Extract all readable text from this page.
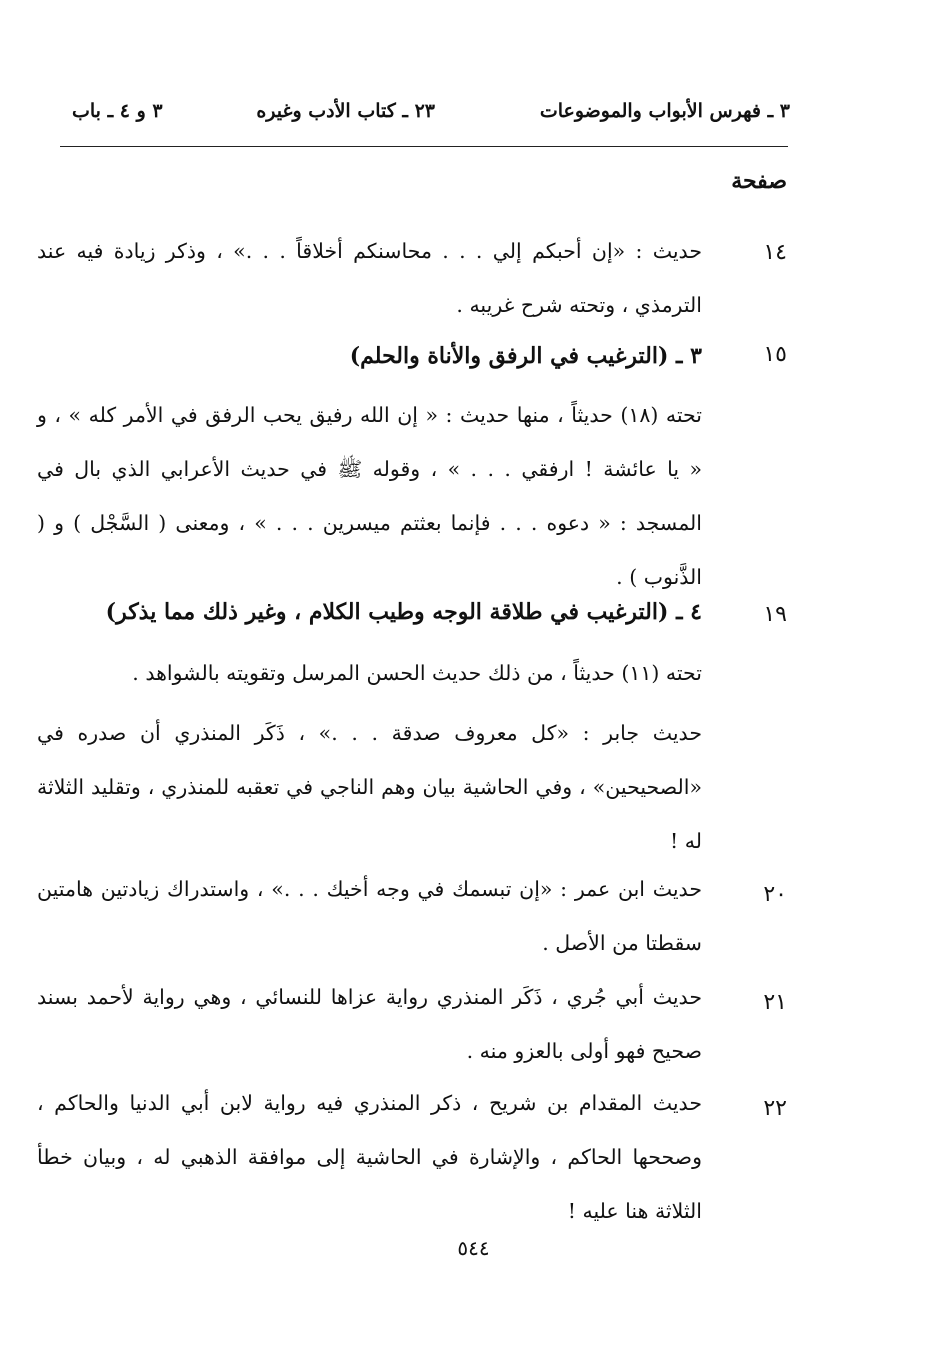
٣ ـ فهرس الأبواب والموضوعات
٢٣ ـ كتاب الأدب وغيره
٣ و ٤ ـ باب
صفحة
١٤
حديث : «إن أحبكم إلي . . . محاسنكم أخلاقاً . . .» ، وذكر زيادة فيه عند الترمذي ، وتحته شرح غريبه .
١٥
٣ ـ (الترغيب في الرفق والأناة والحلم)
تحته (١٨) حديثاً ، منها حديث : « إن الله رفيق يحب الرفق في الأمر كله » ، و « يا عائشة ! ارفقي . . . » ، وقوله ﷺ في حديث الأعرابي الذي بال في المسجد : « دعوه . . . فإنما بعثتم ميسرين . . . » ، ومعنى ( السَّجْل ) و ( الذَّنوب ) .
١٩
٤ ـ (الترغيب في طلاقة الوجه وطيب الكلام ، وغير ذلك مما يذكر)
تحته (١١) حديثاً ، من ذلك حديث الحسن المرسل وتقويته بالشواهد .
حديث جابر : «كل معروف صدقة . . .» ، ذَكَر المنذري أن صدره في «الصحيحين» ، وفي الحاشية بيان وهم الناجي في تعقبه للمنذري ، وتقليد الثلاثة له !
٢٠
حديث ابن عمر : «إن تبسمك في وجه أخيك . . .» ، واستدراك زيادتين هامتين سقطتا من الأصل .
٢١
حديث أبي جُري ، ذَكَر المنذري رواية عزاها للنسائي ، وهي رواية لأحمد بسند صحيح فهو أولى بالعزو منه .
٢٢
حديث المقدام بن شريح ، ذكر المنذري فيه رواية لابن أبي الدنيا والحاكم ، وصححها الحاكم ، والإشارة في الحاشية إلى موافقة الذهبي له ، وبيان خطأ الثلاثة هنا عليه !
٥٤٤
